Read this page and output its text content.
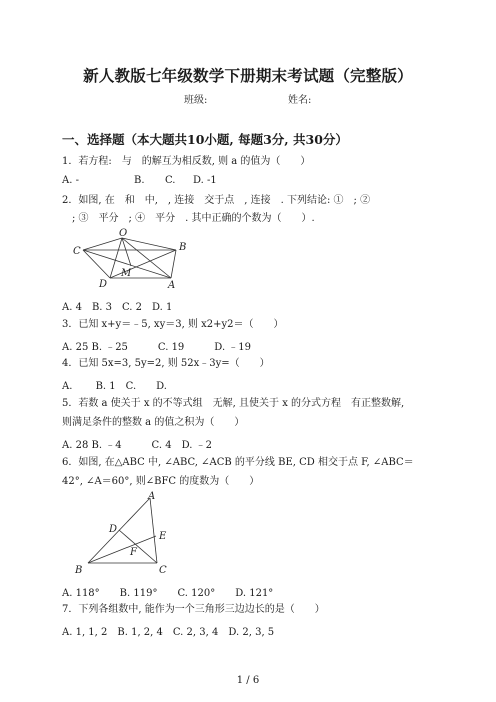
新人教版七年级数学下册期末考试题（完整版）
班级:	姓名:
一、选择题（本大题共10小题, 每题3分, 共30分）
1．若方程:　与　的解互为相反数, 则 a 的值为（　　）
A. -	B. C. D. -1
2．如图, 在　和　中,　, 连接　交于点　, 连接　. 下列结论: ①　; ②
　; ③　平分　; ④　平分　. 其中正确的个数为（　　）.
O
C	B
M
D	A
A. 4　B. 3　C. 2　D. 1
3．已知 x+y＝﹣5, xy＝3, 则 x2+y2＝（　　）
A. 25 B. ﹣25　　　C. 19　　　D. ﹣19
4．已知 5x=3, 5y=2, 则 52x﹣3y=（　　）
A.　　 B. 1　C.　　D.
5．若数 a 使关于 x 的不等式组　无解, 且使关于 x 的分式方程　有正整数解,
则满足条件的整数 a 的值之积为（　　）
A. 28 B. ﹣4　　　C. 4　D. ﹣2
6．如图, 在△ABC 中, ∠ABC, ∠ACB 的平分线 BE, CD 相交于点 F, ∠ABC＝
42°, ∠A＝60°, 则∠BFC 的度数为（　　）
A
D
E
F
B	C
A. 118°　　B. 119°　　C. 120°　　D. 121°
7．下列各组数中, 能作为一个三角形三边边长的是（　　）
A. 1, 1, 2　B. 1, 2, 4　C. 2, 3, 4　D. 2, 3, 5
1 / 6
